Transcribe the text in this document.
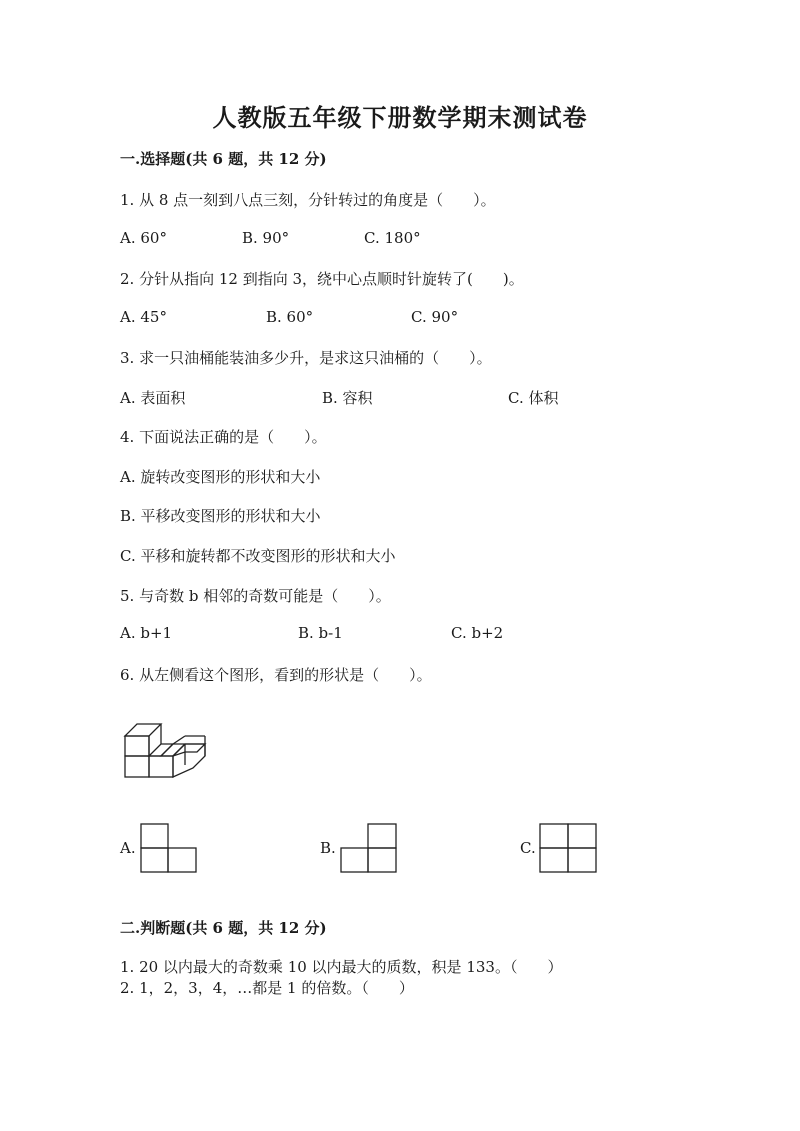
人教版五年级下册数学期末测试卷
一.选择题(共 6 题，共 12 分)
1. 从 8 点一刻到八点三刻，分针转过的角度是（　　）。
A. 60°	B. 90°	C. 180°
2. 分针从指向 12 到指向 3，绕中心点顺时针旋转了(　　)。
A. 45°	B. 60°	C. 90°
3. 求一只油桶能装油多少升，是求这只油桶的（　　）。
A. 表面积	B. 容积	C. 体积
4. 下面说法正确的是（　　）。
A. 旋转改变图形的形状和大小
B. 平移改变图形的形状和大小
C. 平移和旋转都不改变图形的形状和大小
5. 与奇数 b 相邻的奇数可能是（　　）。
A. b+1	B. b-1	C. b+2
6. 从左侧看这个图形，看到的形状是（　　）。
A.	B.	C.
二.判断题(共 6 题，共 12 分)
1. 20 以内最大的奇数乘 10 以内最大的质数，积是 133。（　　）
2. 1，2，3，4，…都是 1 的倍数。（　　）
